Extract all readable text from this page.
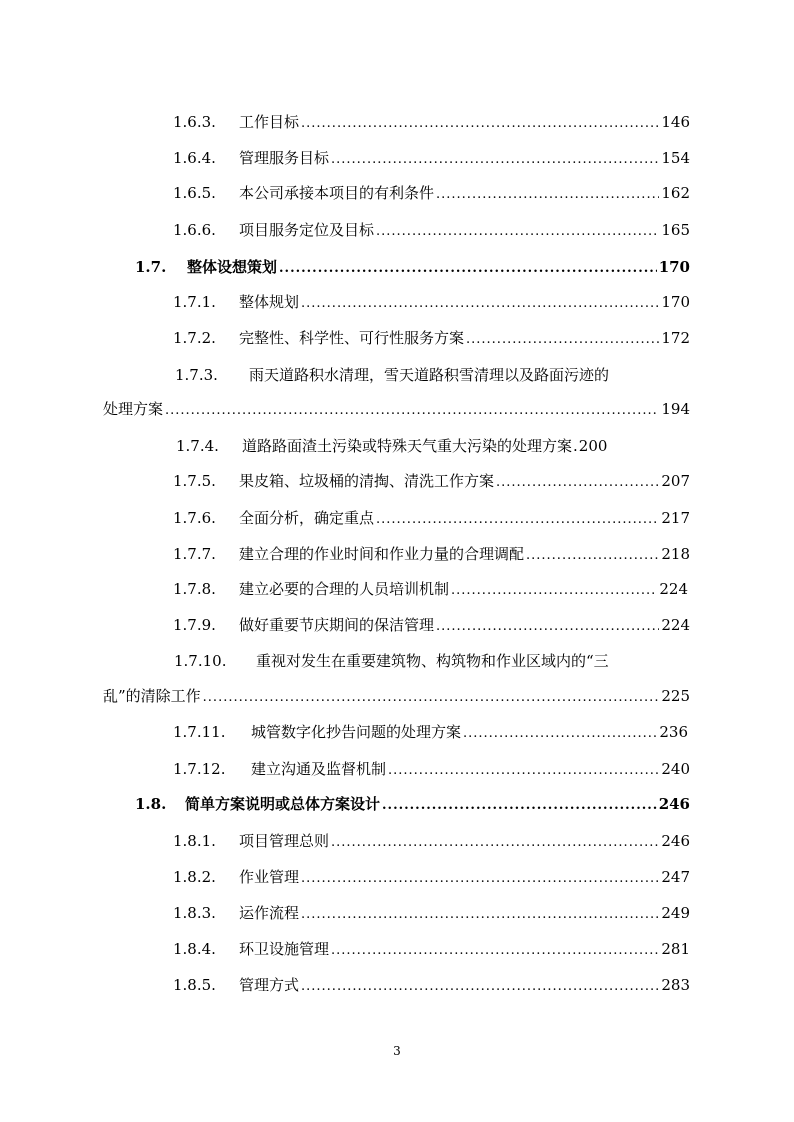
1.6.3.	工作目标 .....	146
1.6.4.	管理服务目标 .....	154
1.6.5.	本公司承接本项目的有利条件 .....	162
1.6.6.	项目服务定位及目标 .....	165
1.7.	整体设想策划 .....	170
1.7.1.	整体规划 .....	170
1.7.2.	完整性、科学性、可行性服务方案 .....	172
1.7.3. 雨天道路积水清理，雪天道路积雪清理以及路面污迹的
处理方案 .....	194
1.7.4.	道路路面渣土污染或特殊天气重大污染的处理方案 . 200
1.7.5.	果皮箱、垃圾桶的清掏、清洗工作方案 .....	207
1.7.6.	全面分析，确定重点 .....	217
1.7.7.	建立合理的作业时间和作业力量的合理调配 .....	218
1.7.8.	建立必要的合理的人员培训机制 .....	224
1.7.9.	做好重要节庆期间的保洁管理 .....	224
1.7.10. 重视对发生在重要建筑物、构筑物和作业区域内的“三
乱”的清除工作 .....	225
1.7.11.	城管数字化抄告问题的处理方案 .....	236
1.7.12.	建立沟通及监督机制 .....	240
1.8.	简单方案说明或总体方案设计 .....	246
1.8.1.	项目管理总则 .....	246
1.8.2.	作业管理 .....	247
1.8.3.	运作流程 .....	249
1.8.4.	环卫设施管理 .....	281
1.8.5.	管理方式 .....	283
3
